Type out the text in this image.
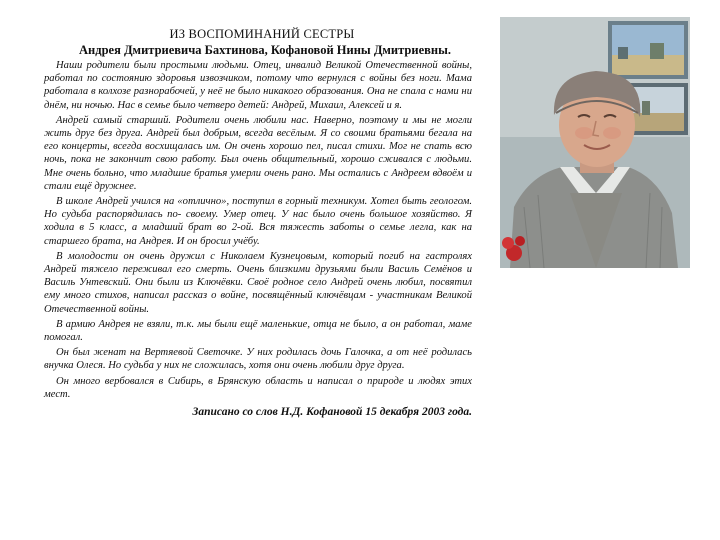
ИЗ ВОСПОМИНАНИЙ СЕСТРЫ

Андрея Дмитриевича Бахтинова, Кофановой Нины Дмитриевны.

Наши родители были простыми людьми. Отец, инвалид Великой Отечественной войны, работал по состоянию здоровья извозчиком, потому что вернулся с войны без ноги. Мама работала в колхозе разнорабочей, у неё не было никакого образования. Она не спала с нами ни днём, ни ночью. Нас в семье было четверо детей: Андрей, Михаил, Алексей и я.

Андрей самый старший. Родители очень любили нас. Наверно, поэтому и мы не могли жить друг без друга. Андрей был добрым, всегда весёлым. Я со своими братьями бегала на его концерты, всегда восхищалась им. Он очень хорошо пел, писал стихи. Мог не спать всю ночь, пока не закончит свою работу. Был очень общительный, хорошо сживался с людьми. Мне очень больно, что младшие братья умерли очень рано. Мы остались с Андреем вдвоём и стали ещё дружнее.

В школе Андрей учился на «отлично», поступил в горный техникум. Хотел быть геологом. Но судьба распорядилась по- своему. Умер отец. У нас было очень большое хозяйство. Я ходила в 5 класс, а младший брат во 2-ой. Вся тяжесть заботы о семье легла, как на старшего брата, на Андрея. И он бросил учёбу.

В молодости он очень дружил с Николаем Кузнецовым, который погиб на гастролях Андрей тяжело переживал его смерть. Очень близкими друзьями были Василь Семёнов и Василь Унтевский. Они были из Ключёвки. Своё родное село Андрей очень любил, посвятил ему много стихов, написал рассказ о войне, посвящённый ключёвцам - участникам Великой Отечественной войны.

В армию Андрея не взяли, т.к. мы были ещё маленькие, отца не было, а он работал, маме помогал.

Он был женат на Вертяевой Светочке. У них родилась дочь Галочка, а от неё родилась внучка Олеся. Но судьба у них не сложилась, хотя они очень любили друг друга.

Он много вербовался в Сибирь, в Брянскую область и написал о природе и людях этих мест.

Записано со слов Н.Д. Кофановой 15 декабря 2003 года.
